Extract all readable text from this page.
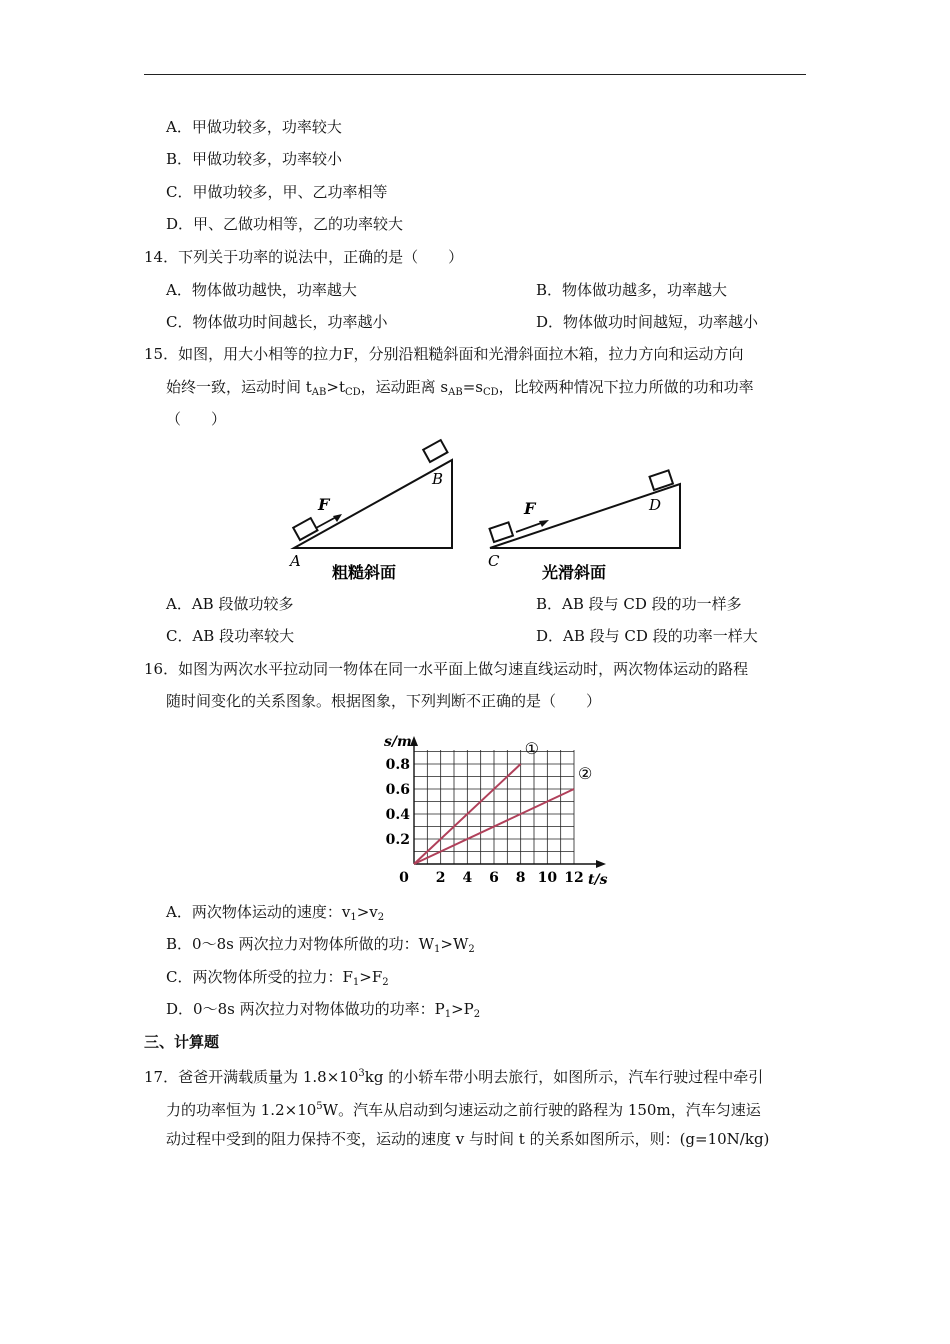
A．甲做功较多，功率较大
B．甲做功较多，功率较小
C．甲做功较多，甲、乙功率相等
D．甲、乙做功相等，乙的功率较大
14．下列关于功率的说法中，正确的是（　　）
A．物体做功越快，功率越大	B．物体做功越多，功率越大
C．物体做功时间越长，功率越小	D．物体做功时间越短，功率越小
15．如图，用大小相等的拉力F，分别沿粗糙斜面和光滑斜面拉木箱，拉力方向和运动方向
始终一致，运动时间 $t_{AB}>t_{CD}$，运动距离 $s_{AB}=s_{CD}$，比较两种情况下拉力所做的功和功率
（　　）
F
A
B
粗糙斜面
F
C
D
光滑斜面
A．AB 段做功较多	B．AB 段与 CD 段的功一样多
C．AB 段功率较大	D．AB 段与 CD 段的功率一样大
16．如图为两次水平拉动同一物体在同一水平面上做匀速直线运动时，两次物体运动的路程
随时间变化的关系图象。根据图象，下列判断不正确的是（　　）
t/s
s/m
0 2 4 6 8 10 12
0.2
0.4
0.6
0.8
①
②
A．两次物体运动的速度：$v_1>v_2$
B．0～8s 两次拉力对物体所做的功：$W_1>W_2$
C．两次物体所受的拉力：$F_1>F_2$
D．0～8s 两次拉力对物体做功的功率：$P_1>P_2$
三、计算题
17．爸爸开满载质量为 $1.8\times 10^3kg$ 的小轿车带小明去旅行，如图所示，汽车行驶过程中牵引
力的功率恒为 $1.2\times 10^5W$。汽车从启动到匀速运动之前行驶的路程为 150m，汽车匀速运
动过程中受到的阻力保持不变，运动的速度 v 与时间 t 的关系如图所示，则：(g=10N/kg)
